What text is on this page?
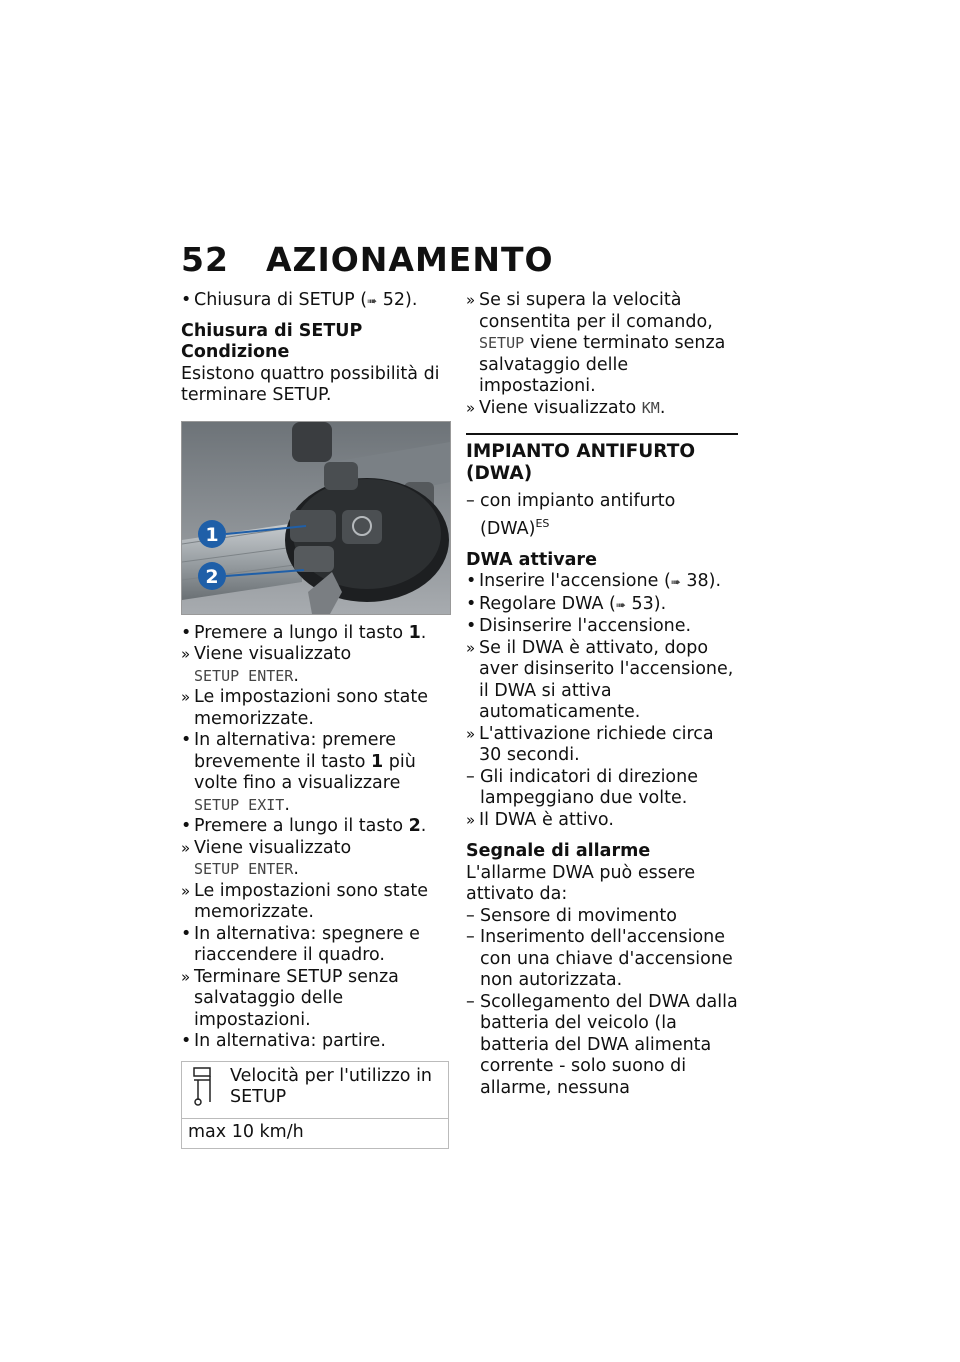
52 AZIONAMENTO

• Chiusura di SETUP (➠ 52).

Chiusura di SETUP

Condizione

Esistono quattro possibilità di terminare SETUP.

1
2

• Premere a lungo il tasto 1.

» Viene visualizzato
SETUP ENTER.

» Le impostazioni sono state memorizzate.

• In alternativa: premere brevemente il tasto 1 più volte fino a visualizzare SETUP EXIT.

• Premere a lungo il tasto 2.

» Viene visualizzato
SETUP ENTER.

» Le impostazioni sono state memorizzate.

• In alternativa: spegnere e riaccendere il quadro.

» Terminare SETUP senza salvataggio delle impostazioni.

• In alternativa: partire.

Velocità per l'utilizzo in SETUP
max 10 km/h

» Se si supera la velocità consentita per il comando, SETUP viene terminato senza salvataggio delle impostazioni.

» Viene visualizzato KM.

IMPIANTO ANTIFURTO (DWA)

– con impianto antifurto (DWA)$^{ES}$

DWA attivare

• Inserire l'accensione (➠ 38).

• Regolare DWA (➠ 53).

• Disinserire l'accensione.

» Se il DWA è attivato, dopo aver disinserito l'accensione, il DWA si attiva automaticamente.

» L'attivazione richiede circa 30 secondi.

– Gli indicatori di direzione lampeggiano due volte.

» Il DWA è attivo.

Segnale di allarme

L'allarme DWA può essere attivato da:

– Sensore di movimento

– Inserimento dell'accensione con una chiave d'accensione non autorizzata.

– Scollegamento del DWA dalla batteria del veicolo (la batteria del DWA alimenta corrente - solo suono di allarme, nessuna
